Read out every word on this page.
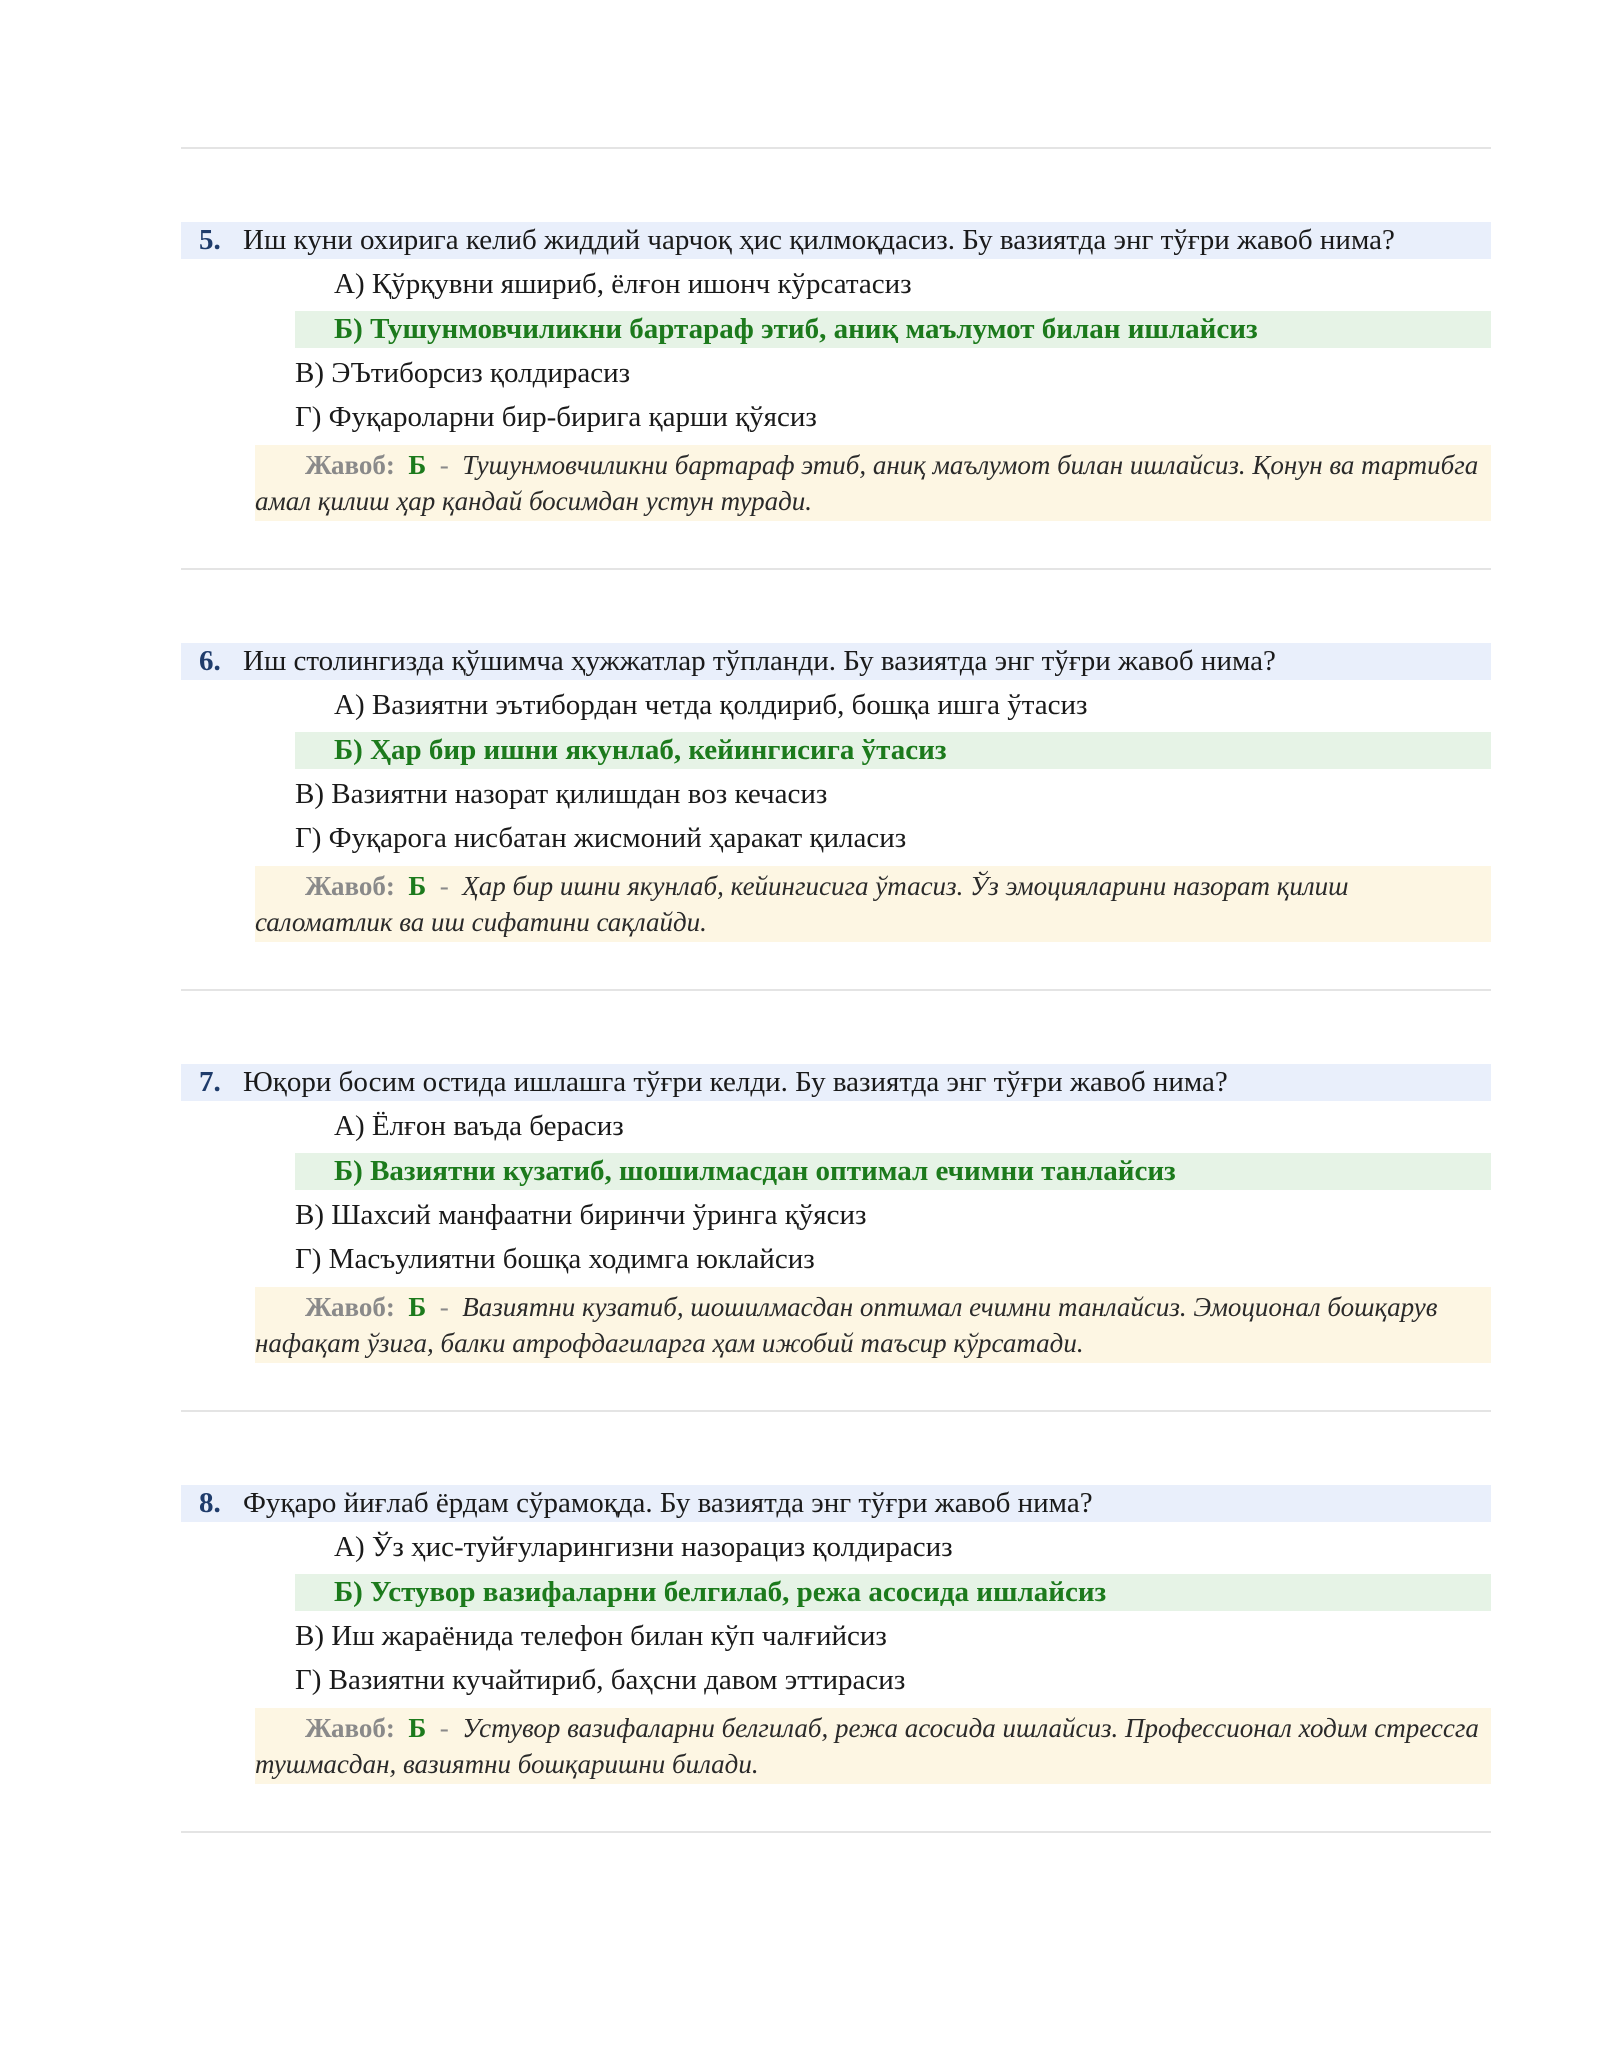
5. Иш куни охирига келиб жиддий чарчоқ ҳис қилмоқдасиз. Бу вазиятда энг тўғри жавоб нима?
А) Қўрқувни яшириб, ёлғон ишонч кўрсатасиз
Б) Тушунмовчиликни бартараф этиб, аниқ маълумот билан ишлайсиз
В) ЭЪтиборсиз қолдирасиз
Г) Фуқароларни бир-бирига қарши қўясиз

Жавоб: Б - Тушунмовчиликни бартараф этиб, аниқ маълумот билан ишлайсиз. Қонун ва тартибга амал қилиш ҳар қандай босимдан устун туради.

6. Иш столингизда қўшимча ҳужжатлар тўпланди. Бу вазиятда энг тўғри жавоб нима?
А) Вазиятни эътибордан четда қолдириб, бошқа ишга ўтасиз
Б) Ҳар бир ишни якунлаб, кейингисига ўтасиз
В) Вазиятни назорат қилишдан воз кечасиз
Г) Фуқарога нисбатан жисмоний ҳаракат қиласиз

Жавоб: Б - Ҳар бир ишни якунлаб, кейингисига ўтасиз. Ўз эмоцияларини назорат қилиш саломатлик ва иш сифатини сақлайди.

7. Юқори босим остида ишлашга тўғри келди. Бу вазиятда энг тўғри жавоб нима?
А) Ёлғон ваъда берасиз
Б) Вазиятни кузатиб, шошилмасдан оптимал ечимни танлайсиз
В) Шахсий манфаатни биринчи ўринга қўясиз
Г) Масъулиятни бошқа ходимга юклайсиз

Жавоб: Б - Вазиятни кузатиб, шошилмасдан оптимал ечимни танлайсиз. Эмоционал бошқарув нафақат ўзига, балки атрофдагиларга ҳам ижобий таъсир кўрсатади.

8. Фуқаро йиғлаб ёрдам сўрамоқда. Бу вазиятда энг тўғри жавоб нима?
А) Ўз ҳис-туйғуларингизни назорациз қолдирасиз
Б) Устувор вазифаларни белгилаб, режа асосида ишлайсиз
В) Иш жараёнида телефон билан кўп чалғийсиз
Г) Вазиятни кучайтириб, баҳсни давом эттирасиз

Жавоб: Б - Устувор вазифаларни белгилаб, режа асосида ишлайсиз. Профессионал ходим стрессга тушмасдан, вазиятни бошқаришни билади.
